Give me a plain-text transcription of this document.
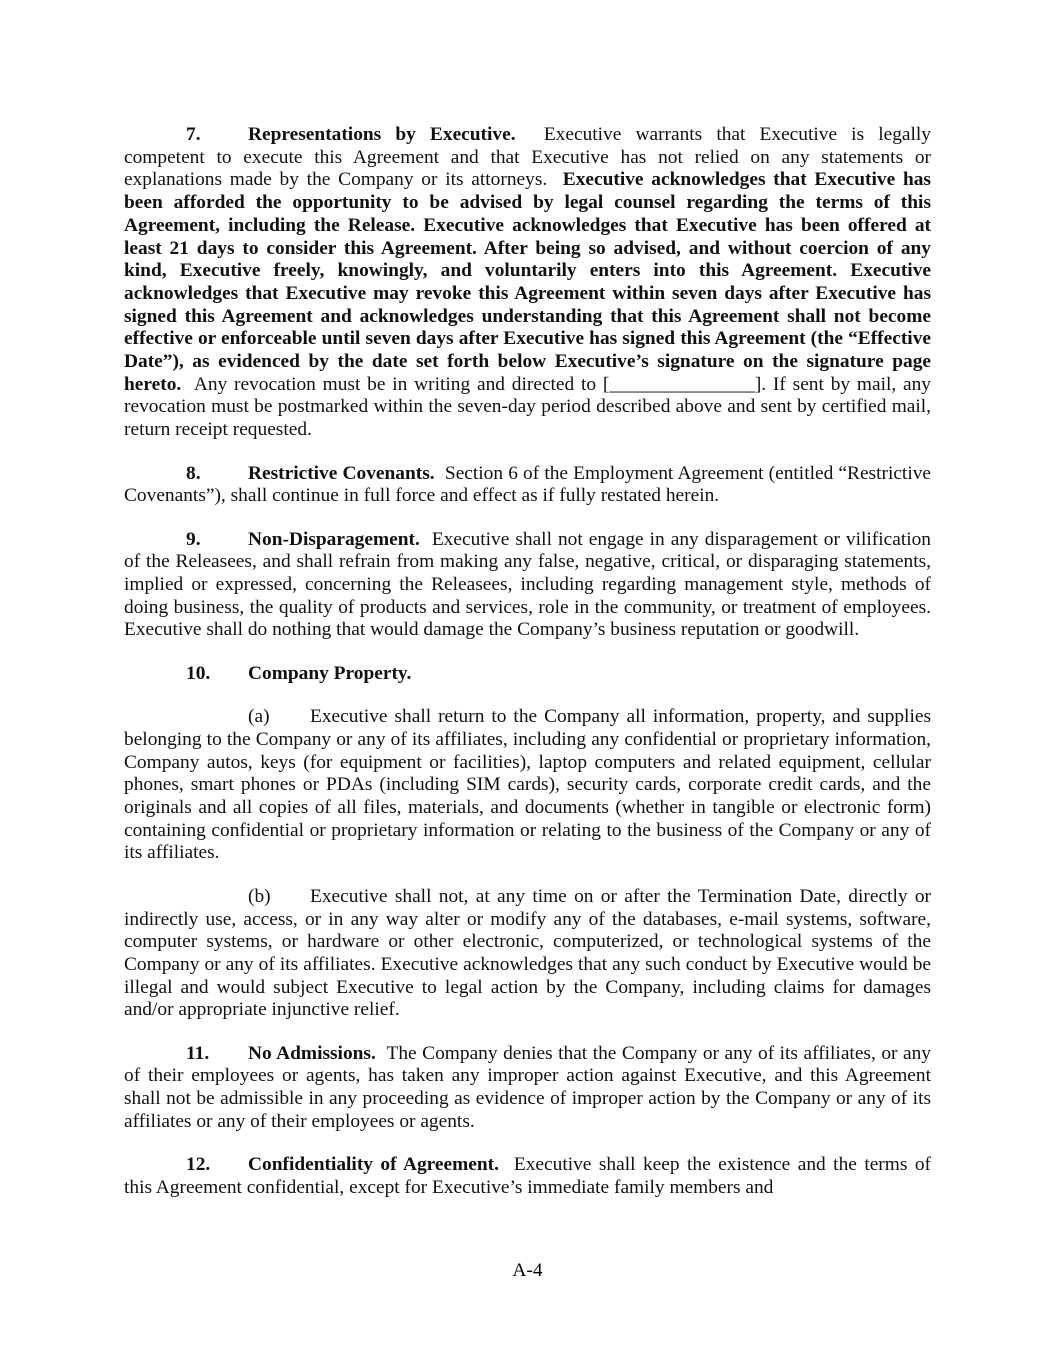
7. Representations by Executive. Executive warrants that Executive is legally competent to execute this Agreement and that Executive has not relied on any statements or explanations made by the Company or its attorneys. Executive acknowledges that Executive has been afforded the opportunity to be advised by legal counsel regarding the terms of this Agreement, including the Release. Executive acknowledges that Executive has been offered at least 21 days to consider this Agreement. After being so advised, and without coercion of any kind, Executive freely, knowingly, and voluntarily enters into this Agreement. Executive acknowledges that Executive may revoke this Agreement within seven days after Executive has signed this Agreement and acknowledges understanding that this Agreement shall not become effective or enforceable until seven days after Executive has signed this Agreement (the “Effective Date”), as evidenced by the date set forth below Executive’s signature on the signature page hereto. Any revocation must be in writing and directed to [_______________]. If sent by mail, any revocation must be postmarked within the seven-day period described above and sent by certified mail, return receipt requested.

8. Restrictive Covenants. Section 6 of the Employment Agreement (entitled “Restrictive Covenants”), shall continue in full force and effect as if fully restated herein.

9. Non-Disparagement. Executive shall not engage in any disparagement or vilification of the Releasees, and shall refrain from making any false, negative, critical, or disparaging statements, implied or expressed, concerning the Releasees, including regarding management style, methods of doing business, the quality of products and services, role in the community, or treatment of employees. Executive shall do nothing that would damage the Company’s business reputation or goodwill.

10. Company Property.

(a) Executive shall return to the Company all information, property, and supplies belonging to the Company or any of its affiliates, including any confidential or proprietary information, Company autos, keys (for equipment or facilities), laptop computers and related equipment, cellular phones, smart phones or PDAs (including SIM cards), security cards, corporate credit cards, and the originals and all copies of all files, materials, and documents (whether in tangible or electronic form) containing confidential or proprietary information or relating to the business of the Company or any of its affiliates.

(b) Executive shall not, at any time on or after the Termination Date, directly or indirectly use, access, or in any way alter or modify any of the databases, e-mail systems, software, computer systems, or hardware or other electronic, computerized, or technological systems of the Company or any of its affiliates. Executive acknowledges that any such conduct by Executive would be illegal and would subject Executive to legal action by the Company, including claims for damages and/or appropriate injunctive relief.

11. No Admissions. The Company denies that the Company or any of its affiliates, or any of their employees or agents, has taken any improper action against Executive, and this Agreement shall not be admissible in any proceeding as evidence of improper action by the Company or any of its affiliates or any of their employees or agents.

12. Confidentiality of Agreement. Executive shall keep the existence and the terms of this Agreement confidential, except for Executive’s immediate family members and

A-4
